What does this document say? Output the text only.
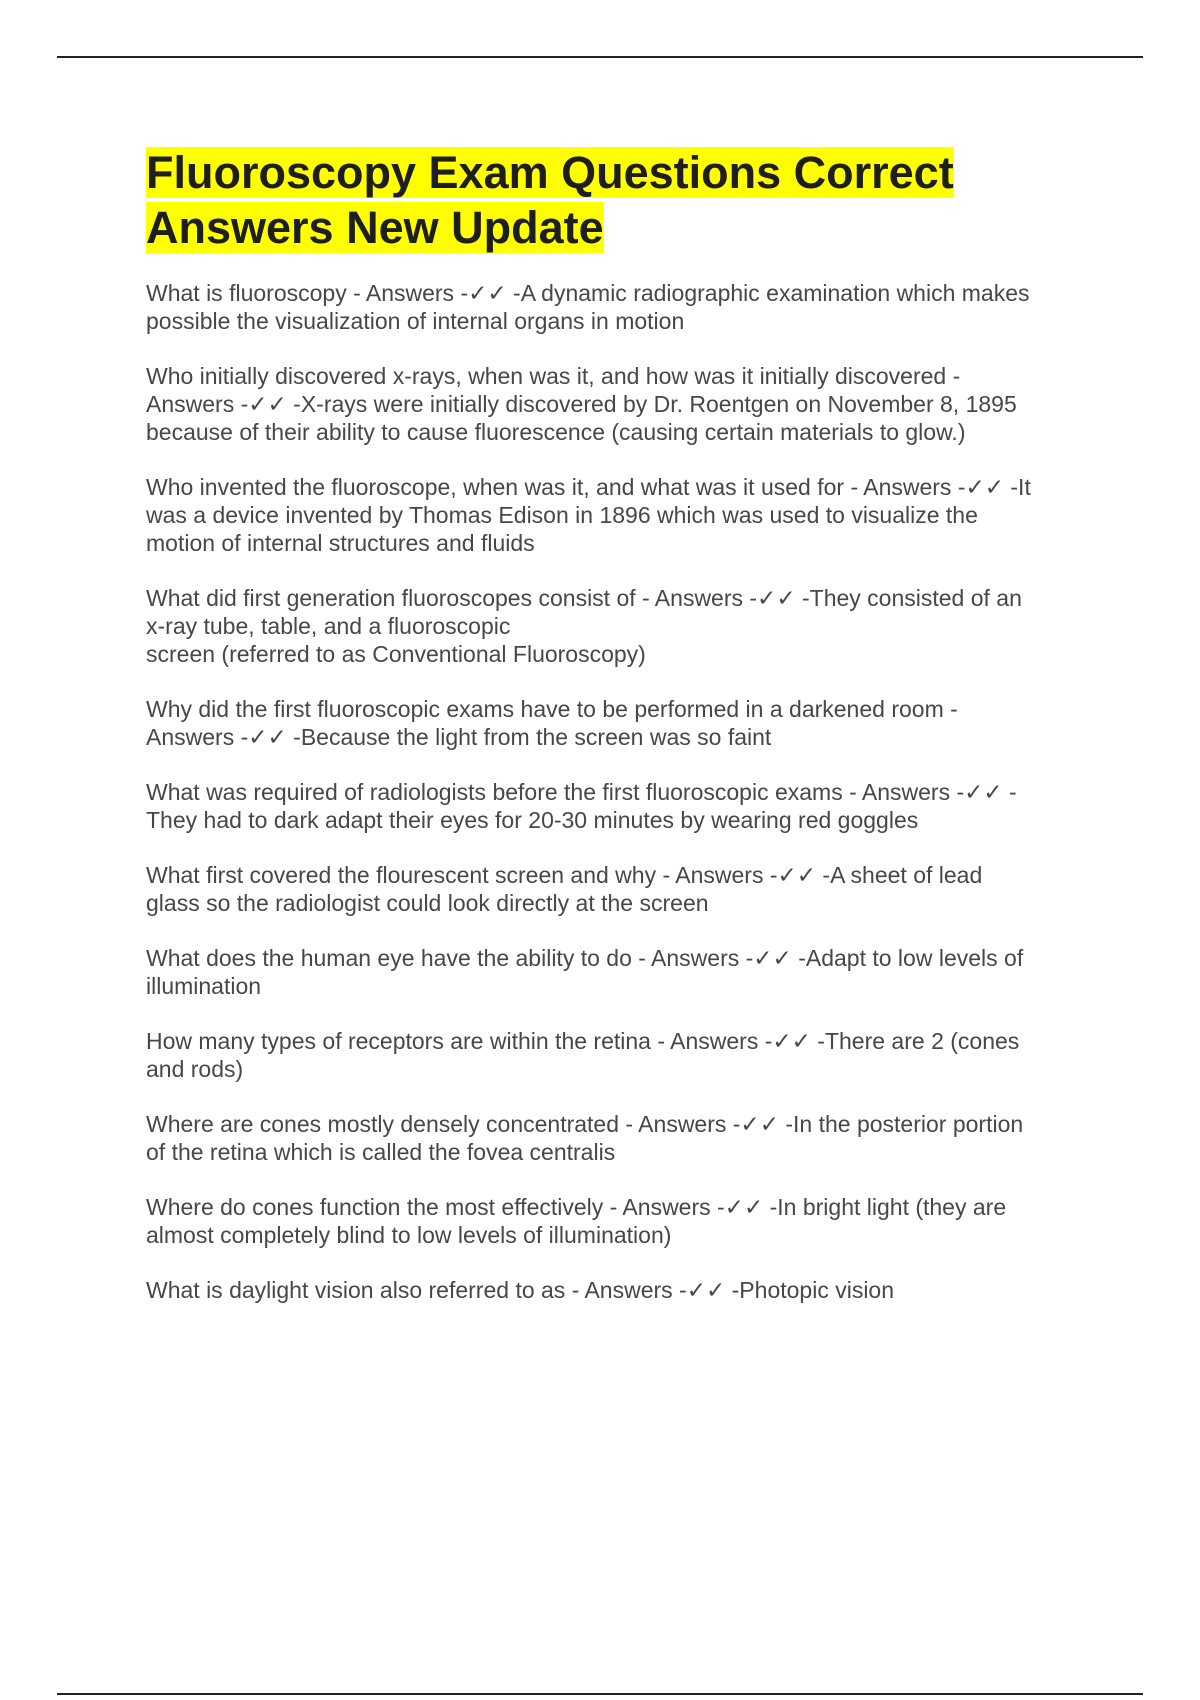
Fluoroscopy Exam Questions Correct Answers New Update

What is fluoroscopy - Answers -✓✓ -A dynamic radiographic examination which makes
possible the visualization of internal organs in motion

Who initially discovered x-rays, when was it, and how was it initially discovered -
Answers -✓✓ -X-rays were initially discovered by Dr. Roentgen on November 8, 1895
because of their ability to cause fluorescence (causing certain materials to glow.)

Who invented the fluoroscope, when was it, and what was it used for - Answers -✓✓ -It
was a device invented by Thomas Edison in 1896 which was used to visualize the
motion of internal structures and fluids

What did first generation fluoroscopes consist of - Answers -✓✓ -They consisted of an
x-ray tube, table, and a fluoroscopic
screen (referred to as Conventional Fluoroscopy)

Why did the first fluoroscopic exams have to be performed in a darkened room -
Answers -✓✓ -Because the light from the screen was so faint

What was required of radiologists before the first fluoroscopic exams - Answers -✓✓ -
They had to dark adapt their eyes for 20-30 minutes by wearing red goggles

What first covered the flourescent screen and why - Answers -✓✓ -A sheet of lead
glass so the radiologist could look directly at the screen

What does the human eye have the ability to do - Answers -✓✓ -Adapt to low levels of
illumination

How many types of receptors are within the retina - Answers -✓✓ -There are 2 (cones
and rods)

Where are cones mostly densely concentrated - Answers -✓✓ -In the posterior portion
of the retina which is called the fovea centralis

Where do cones function the most effectively - Answers -✓✓ -In bright light (they are
almost completely blind to low levels of illumination)

What is daylight vision also referred to as - Answers -✓✓ -Photopic vision
